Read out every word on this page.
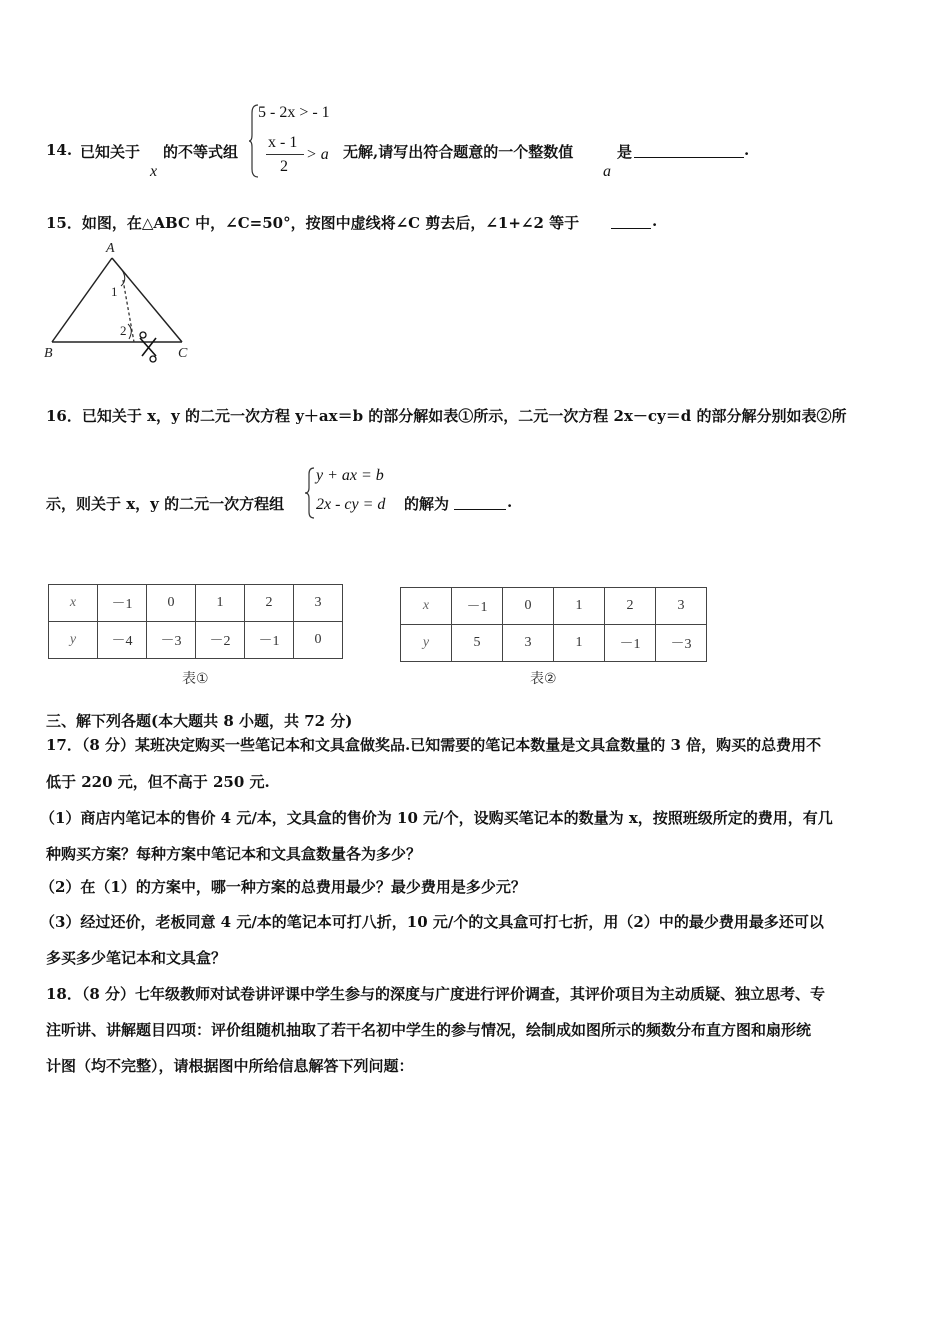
14. 已知关于
x
的不等式组
5 - 2x > - 1
x - 1
2
> a 无解,请写出符合题意的一个整数值
a
是	.
15．如图，在△ABC 中，∠C=50°，按图中虚线将∠C 剪去后，∠1+∠2 等于	.
A
B	C
1
2
16．已知关于 x，y 的二元一次方程 y＋ax＝b 的部分解如表①所示，二元一次方程 2x－cy＝d 的部分解分别如表②所
示，则关于 x，y 的二元一次方程组
y + ax = b
2x - cy = d 的解为	.
x	－1	0	1	2	3
y	－4	－3	－2	－1	0
表①
x	－1	0	1	2	3
y	5	3	1	－1	－3
表②
三、解下列各题(本大题共 8 小题，共 72 分)
17．（8 分）某班决定购买一些笔记本和文具盒做奖品.已知需要的笔记本数量是文具盒数量的 3 倍，购买的总费用不
低于 220 元，但不高于 250 元.
（1）商店内笔记本的售价 4 元/本，文具盒的售价为 10 元/个，设购买笔记本的数量为 x，按照班级所定的费用，有几
种购买方案？每种方案中笔记本和文具盒数量各为多少？
（2）在（1）的方案中，哪一种方案的总费用最少？最少费用是多少元？
（3）经过还价，老板同意 4 元/本的笔记本可打八折，10 元/个的文具盒可打七折，用（2）中的最少费用最多还可以
多买多少笔记本和文具盒？
18．（8 分）七年级教师对试卷讲评课中学生参与的深度与广度进行评价调查，其评价项目为主动质疑、独立思考、专
注听讲、讲解题目四项：评价组随机抽取了若干名初中学生的参与情况，绘制成如图所示的频数分布直方图和扇形统
计图（均不完整），请根据图中所给信息解答下列问题：
